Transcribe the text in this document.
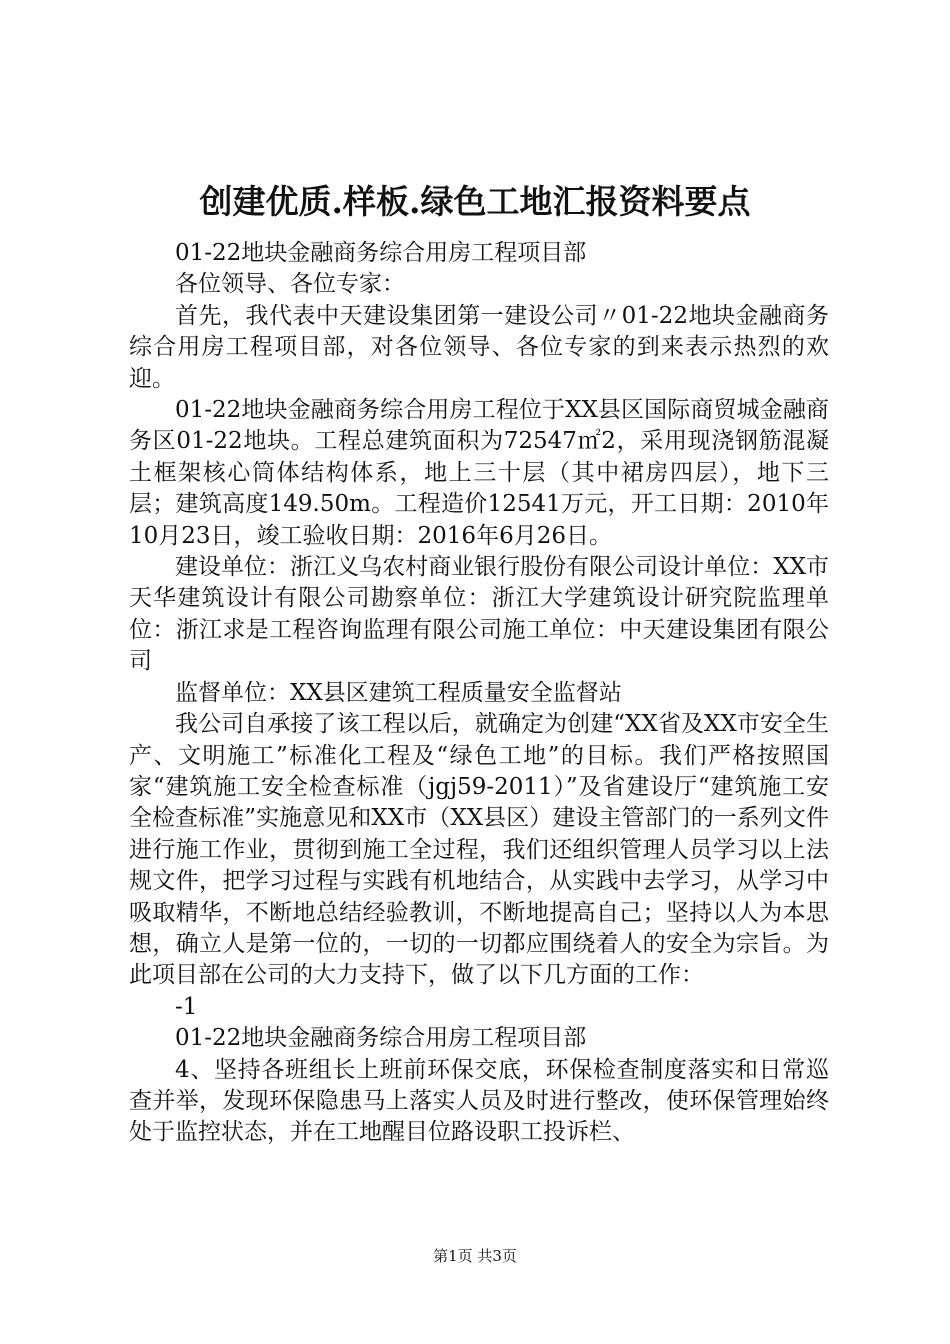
创建优质.样板.绿色工地汇报资料要点

01-22地块金融商务综合用房工程项目部

各位领导、各位专家：

首先，我代表中天建设集团第一建设公司〃01-22地块金融商务综合用房工程项目部，对各位领导、各位专家的到来表示热烈的欢迎。

01-22地块金融商务综合用房工程位于XX县区国际商贸城金融商务区01-22地块。工程总建筑面积为72547㎡2，采用现浇钢筋混凝土框架核心筒体结构体系，地上三十层（其中裙房四层），地下三层；建筑高度149.50m。工程造价12541万元，开工日期：2010年10月23日，竣工验收日期：2016年6月26日。

建设单位：浙江义乌农村商业银行股份有限公司设计单位：XX市天华建筑设计有限公司勘察单位：浙江大学建筑设计研究院监理单位：浙江求是工程咨询监理有限公司施工单位：中天建设集团有限公司

监督单位：XX县区建筑工程质量安全监督站

我公司自承接了该工程以后，就确定为创建“XX省及XX市安全生产、文明施工”标准化工程及“绿色工地”的目标。我们严格按照国家“建筑施工安全检查标准（jgj59-2011）”及省建设厅“建筑施工安全检查标准”实施意见和XX市（XX县区）建设主管部门的一系列文件进行施工作业，贯彻到施工全过程，我们还组织管理人员学习以上法规文件，把学习过程与实践有机地结合，从实践中去学习，从学习中吸取精华，不断地总结经验教训，不断地提高自己；坚持以人为本思想，确立人是第一位的，一切的一切都应围绕着人的安全为宗旨。为此项目部在公司的大力支持下，做了以下几方面的工作：

-1

01-22地块金融商务综合用房工程项目部

4、坚持各班组长上班前环保交底，环保检查制度落实和日常巡查并举，发现环保隐患马上落实人员及时进行整改，使环保管理始终处于监控状态，并在工地醒目位路设职工投诉栏、

第1页 共3页
